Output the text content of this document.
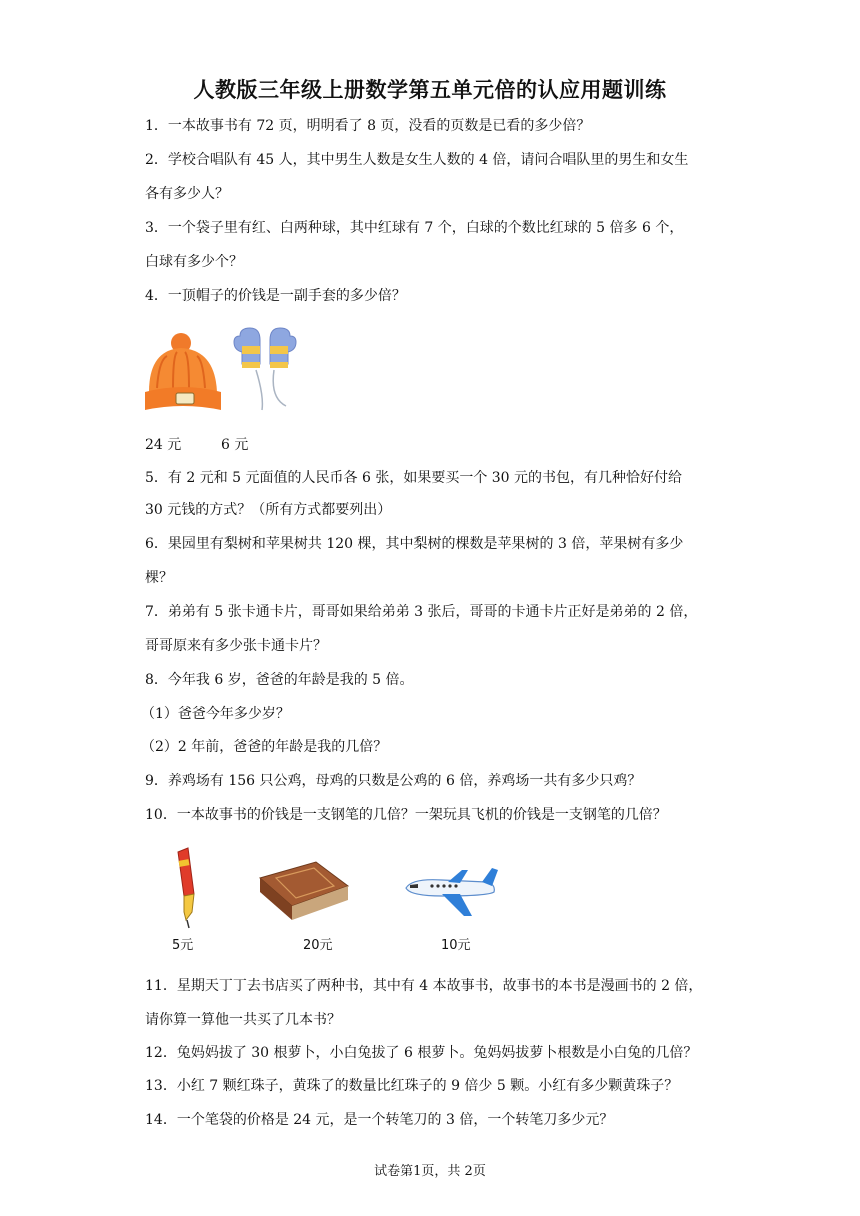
人教版三年级上册数学第五单元倍的认应用题训练
1．一本故事书有 72 页，明明看了 8 页，没看的页数是已看的多少倍？
2．学校合唱队有 45 人，其中男生人数是女生人数的 4 倍，请问合唱队里的男生和女生
各有多少人？
3．一个袋子里有红、白两种球，其中红球有 7 个，白球的个数比红球的 5 倍多 6 个，
白球有多少个？
4．一顶帽子的价钱是一副手套的多少倍？
24 元	6 元
5．有 2 元和 5 元面值的人民币各 6 张，如果要买一个 30 元的书包，有几种恰好付给
30 元钱的方式？（所有方式都要列出）
6．果园里有梨树和苹果树共 120 棵，其中梨树的棵数是苹果树的 3 倍，苹果树有多少
棵？
7．弟弟有 5 张卡通卡片，哥哥如果给弟弟 3 张后，哥哥的卡通卡片正好是弟弟的 2 倍，
哥哥原来有多少张卡通卡片？
8．今年我 6 岁，爸爸的年龄是我的 5 倍。
（1）爸爸今年多少岁？
（2）2 年前，爸爸的年龄是我的几倍？
9．养鸡场有 156 只公鸡，母鸡的只数是公鸡的 6 倍，养鸡场一共有多少只鸡？
10．一本故事书的价钱是一支钢笔的几倍？一架玩具飞机的价钱是一支钢笔的几倍？
5元	20元	10元
11．星期天丁丁去书店买了两种书，其中有 4 本故事书，故事书的本书是漫画书的 2 倍，
请你算一算他一共买了几本书？
12．兔妈妈拔了 30 根萝卜，小白兔拔了 6 根萝卜。兔妈妈拔萝卜根数是小白兔的几倍？
13．小红 7 颗红珠子，黄珠了的数量比红珠子的 9 倍少 5 颗。小红有多少颗黄珠子？
14．一个笔袋的价格是 24 元，是一个转笔刀的 3 倍，一个转笔刀多少元？
试卷第1页，共 2页
